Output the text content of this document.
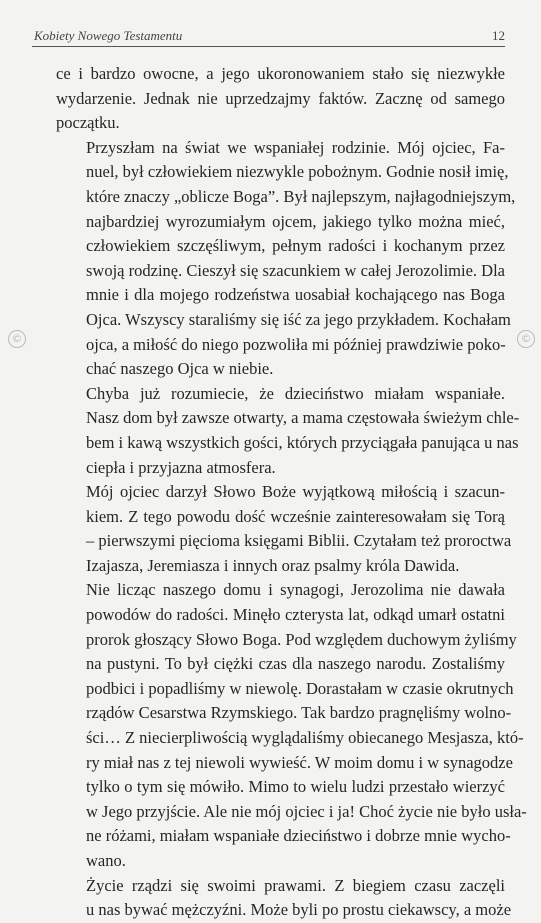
Kobiety Nowego Testamentu	12
©	©

ce i bardzo owocne, a jego ukoronowaniem stało się niezwykłe
wydarzenie. Jednak nie uprzedzajmy faktów. Zacznę od samego
początku.

Przyszłam na świat we wspaniałej rodzinie. Mój ojciec, Fa-
nuel, był człowiekiem niezwykle pobożnym. Godnie nosił imię,
które znaczy „oblicze Boga”. Był najlepszym, najłagodniejszym,
najbardziej wyrozumiałym ojcem, jakiego tylko można mieć,
człowiekiem szczęśliwym, pełnym radości i kochanym przez
swoją rodzinę. Cieszył się szacunkiem w całej Jerozolimie. Dla
mnie i dla mojego rodzeństwa uosabiał kochającego nas Boga
Ojca. Wszyscy staraliśmy się iść za jego przykładem. Kochałam
ojca, a miłość do niego pozwoliła mi później prawdziwie poko-
chać naszego Ojca w niebie.

Chyba już rozumiecie, że dzieciństwo miałam wspaniałe.
Nasz dom był zawsze otwarty, a mama częstowała świeżym chle-
bem i kawą wszystkich gości, których przyciągała panująca u nas
ciepła i przyjazna atmosfera.

Mój ojciec darzył Słowo Boże wyjątkową miłością i szacun-
kiem. Z tego powodu dość wcześnie zainteresowałam się Torą
– pierwszymi pięcioma księgami Biblii. Czytałam też proroctwa
Izajasza, Jeremiasza i innych oraz psalmy króla Dawida.

Nie licząc naszego domu i synagogi, Jerozolima nie dawała
powodów do radości. Minęło czterysta lat, odkąd umarł ostatni
prorok głoszący Słowo Boga. Pod względem duchowym żyliśmy
na pustyni. To był ciężki czas dla naszego narodu. Zostaliśmy
podbici i popadliśmy w niewolę. Dorastałam w czasie okrutnych
rządów Cesarstwa Rzymskiego. Tak bardzo pragnęliśmy wolno-
ści… Z niecierpliwością wyglądaliśmy obiecanego Mesjasza, któ-
ry miał nas z tej niewoli wywieść. W moim domu i w synagodze
tylko o tym się mówiło. Mimo to wielu ludzi przestało wierzyć
w Jego przyjście. Ale nie mój ojciec i ja! Choć życie nie było usła-
ne różami, miałam wspaniałe dzieciństwo i dobrze mnie wycho-
wano.

Życie rządzi się swoimi prawami. Z biegiem czasu zaczęli
u nas bywać mężczyźni. Może byli po prostu ciekawscy, a może
